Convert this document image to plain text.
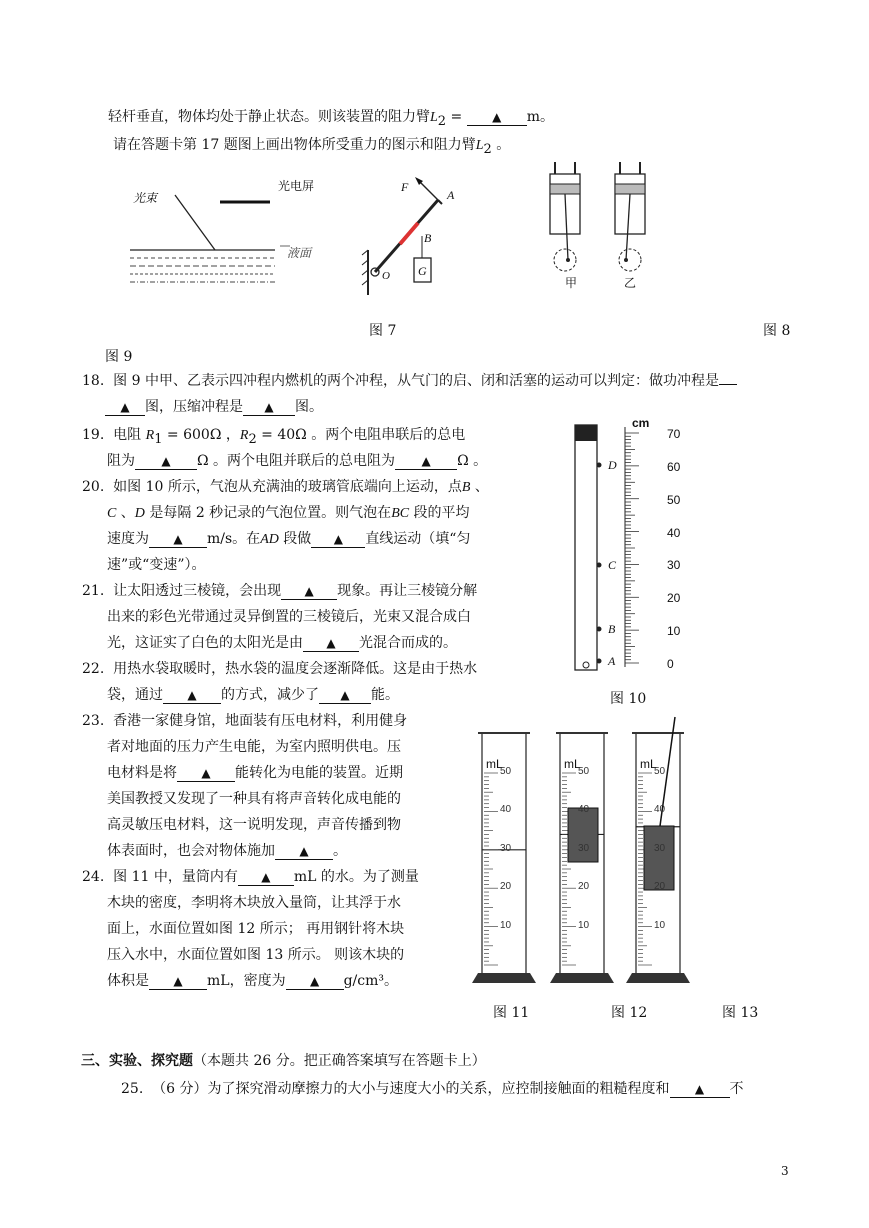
轻杆垂直，物体均处于静止状态。则该装置的阻力臂$L_2$ = ▲ m。
请在答题卡第 17 题图上画出物体所受重力的图示和阻力臂$L_2$ 。
光束
光电屏
液面
F
A
B
O G
甲	乙
图 7	图 8
图 9
18. 图 9 中甲、乙表示四冲程内燃机的两个冲程，从气门的启、闭和活塞的运动可以判定：做功冲程是
▲ 图，压缩冲程是 ▲ 图。
19. 电阻 $R_1 = 600\Omega$ ，$R_2 = 40\Omega$ 。两个电阻串联后的总电
阻为 ▲ Ω 。两个电阻并联后的总电阻为 ▲ Ω 。
20. 如图 10 所示，气泡从充满油的玻璃管底端向上运动，点B 、
C 、D 是每隔 2 秒记录的气泡位置。则气泡在BC 段的平均
速度为 ▲ m/s。在AD 段做 ▲ 直线运动（填“匀
速”或“变速”）。
21. 让太阳透过三棱镜，会出现 ▲ 现象。再让三棱镜分解
出来的彩色光带通过灵异倒置的三棱镜后，光束又混合成白
光，这证实了白色的太阳光是由 ▲ 光混合而成的。
22. 用热水袋取暖时，热水袋的温度会逐渐降低。这是由于热水
袋，通过 ▲ 的方式，减少了 ▲ 能。
23. 香港一家健身馆，地面装有压电材料，利用健身
者对地面的压力产生电能，为室内照明供电。压
电材料是将 ▲ 能转化为电能的装置。近期
美国教授又发现了一种具有将声音转化成电能的
高灵敏压电材料，这一说明发现，声音传播到物
体表面时，也会对物体施加 ▲ 。
24. 图 11 中，量筒内有 ▲ mL 的水。为了测量
木块的密度，李明将木块放入量筒，让其浮于水
面上，水面位置如图 12 所示； 再用钢针将木块
压入水中，水面位置如图 13 所示。 则该木块的
体积是 ▲ mL，密度为 ▲ g/cm³。
cm
70
60
50
40
30
20
10
0
D
C
B
A
图 10
mL
50
40
30
20
10
mL
50
40
30
20
10
mL
50
40
30
20
10
图 11	图 12	图 13
三、实验、探究题（本题共 26 分。把正确答案填写在答题卡上）
25. （6 分）为了探究滑动摩擦力的大小与速度大小的关系，应控制接触面的粗糙程度和 ▲ 不
3
